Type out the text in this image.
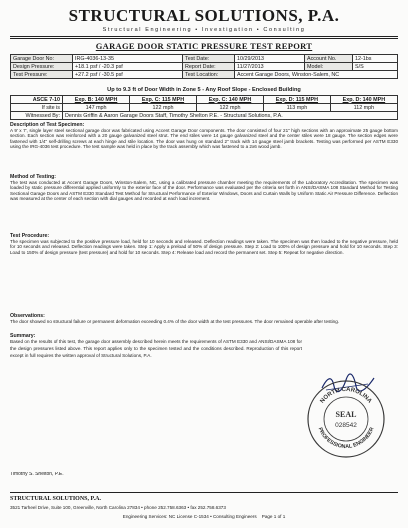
STRUCTURAL SOLUTIONS, P.A.
Structural Engineering • Investigation • Consulting
GARAGE DOOR STATIC PRESSURE TEST REPORT
Garage Door No:	IRG-4036-13-35	Test Date:	10/29/2013	Account No.	12-1bs
Design Pressure:	+18.1 psf / -20.3 psf	Report Date:	11/27/2013	Model:	S/S
Test Pressure:	+27.2 psf / -30.5 psf	Test Location:	Accent Garage Doors, Winston-Salem, NC		
Up to 9.3 ft of Door Width in Zone 5 - Any Roof Slope - Enclosed Building
ASCE 7-10	Exp. B: 140 MPH	Exp. C: 115 MPH	Exp. C: 140 MPH	Exp. D: 115 MPH	Exp. D: 140 MPH
If site is	147 mph	122 mph	122 mph	113 mph	112 mph
Witnessed By:	Dennis Griffin & Aaron Garage Doors Staff, Timothy Shelton P.E. - Structural Solutions, P.A.				
Description of Test Specimen:
A 9' x 7', single layer steel sectional garage door was fabricated using Accent Garage Door components. The door consisted of four 21" high sections with an approximate 25 gauge bottom section. Each section was reinforced with a 20 gauge galvanized steel strut. The end stiles were 14 gauge galvanized steel and the center stiles were 18 gauge. The section edges were fastened with 1/4" self-drilling screws at each hinge and stile location. The door was hung on standard 2" track with 14 gauge steel jamb brackets. Testing was performed per ASTM E330 using the IRG-4036 test procedure. The test sample was held in place by the track assembly which was fastened to a 2x6 wood jamb.
Method of Testing:
The test was conducted at Accent Garage Doors, Winston-Salem, NC, using a calibrated pressure chamber meeting the requirements of the Laboratory Accreditation. The specimen was loaded by static pressure differential applied uniformly to the exterior face of the door. Performance was evaluated per the criteria set forth in ANSI/DASMA 108 Standard Method for Testing Sectional Garage Doors and ASTM E330 Standard Test Method for Structural Performance of Exterior Windows, Doors and Curtain Walls by Uniform Static Air Pressure Difference. Deflection was measured at the center of each section with dial gauges and recorded at each load increment.
Test Procedure:
The specimen was subjected to the positive pressure load, held for 10 seconds and released. Deflection readings were taken. The specimen was then loaded to the negative pressure, held for 10 seconds and released. Deflection readings were taken. Step 1: Apply a preload of 50% of design pressure. Step 2: Load to 100% of design pressure and hold for 10 seconds. Step 3: Load to 150% of design pressure (test pressure) and hold for 10 seconds. Step 4: Release load and record the permanent set. Step 5: Repeat for negative direction.
Observations:
The door showed no structural failure or permanent deformation exceeding 0.4% of the door width at the test pressures. The door remained operable after testing.
Summary:
Based on the results of this test, the garage door assembly described herein meets the requirements of ASTM E330 and ANSI/DASMA 108 for the design pressures listed above. This report applies only to the specimen tested and the conditions described. Reproduction of this report except in full requires the written approval of Structural Solutions, P.A.
NORTH CAROLINA
PROFESSIONAL ENGINEER
SEAL
028542
Timothy S. Shelton, P.E.
STRUCTURAL SOLUTIONS, P.A.
3521 Tarheel Drive, Suite 100, Greenville, North Carolina 27834 • phone 252.758.6363 • fax 252.758.6373
Engineering Services: NC License C-1534 • Consulting Engineers Page 1 of 1
